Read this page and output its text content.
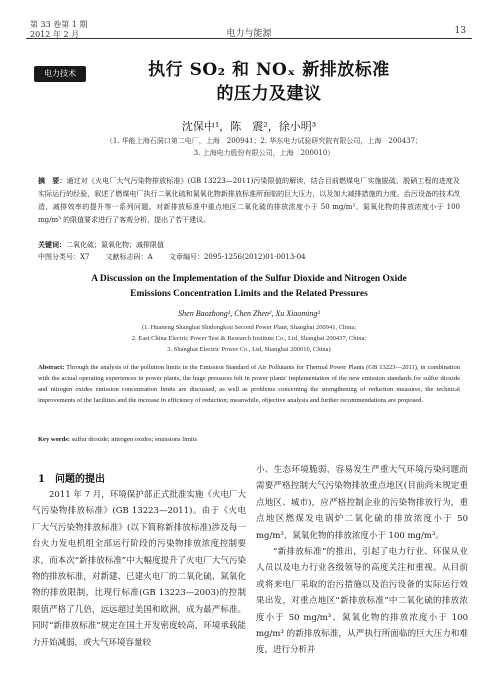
第 33 卷第 1 期
2012 年 2 月	电力与能源	13
电力技术	执行 SO₂ 和 NOₓ 新排放标准
的压力及建议
沈保中¹，陈　震²，徐小明³
（1. 华能上海石洞口第二电厂，上海　200941；2. 华东电力试验研究院有限公司，上海　200437；
3. 上海电力股份有限公司，上海　200010）
摘　要：通过对《火电厂大气污染物排放标准》(GB 13223—2011)污染限值的解读，结合目前燃煤电厂实施脱硫、脱硝工程的进度及实际运行的经验，叙述了燃煤电厂执行二氧化硫和氮氧化物新排放标准所面临的巨大压力，以及加大减排措施的力度、治污设备的技术改造、减排效率的提升等一系列问题。对新排放标准中重点地区二氧化硫的排放浓度小于 50 mg/m³、氮氧化物的排放浓度小于 100 mg/m³ 的限值要求进行了客观分析，提出了若干建议。
关键词：二氧化硫；氮氧化物；减排限值
中图分类号：X7 文献标志码：A 文章编号：2095-1256(2012)01-0013-04
A Discussion on the Implementation of the Sulfur Dioxide and Nitrogen Oxide
Emissions Concentration Limits and the Related Pressures
Shen Baozhong¹, Chen Zhen², Xu Xiaoming³
(1. Huaneng Shanghai Shidongkou Second Power Plant, Shanghai 200941, China;
2. East China Electric Power Test & Research Institute Co., Ltd, Shanghai 200437, China;
3. Shanghai Electric Power Co., Ltd, Shanghai 200010, China)
Abstract: Through the analysis of the pollution limits in the Emission Standard of Air Pollutants for Thermal Power Plants (GB 13223—2011), in combination with the actual operating experiences in power plants, the huge pressures felt in power plants' implementation of the new emission standards for sulfur dioxide and nitrogen oxides emission concentration limits are discussed, as well as problems concerning the strengthening of reduction measures, the technical improvements of the facilities and the increase in efficiency of reduction; meanwhile, objective analysis and further recommendations are proposed.
Key words: sulfur dioxide; nitrogen oxides; emissions limits
1　问题的提出
2011 年 7 月，环境保护部正式批准实施《火电厂大气污染物排放标准》(GB 13223—2011)。由于《火电厂大气污染物排放标准》(以下简称新排放标准)涉及每一台火力发电机组全部运行阶段的污染物排放浓度控制要求，而本次“新排放标准”中大幅度提升了火电厂大气污染物的排放标准，对新建、已建火电厂的二氧化硫、氮氧化物的排放限制，比现行标准(GB 13223—2003)的控制限值严格了几倍，远远超过美国和欧洲，成为最严标准。同时“新排放标准”规定在国土开发密度较高，环境承载能力开始减弱，或大气环境容量较

小、生态环境脆弱，容易发生严重大气环境污染问题而需要严格控制大气污染物排放重点地区(目前尚未规定重点地区、城市)，应严格控制企业的污染物排放行为，重点地区燃煤发电锅炉二氧化硫的排放浓度小于 50 mg/m³，氮氧化物的排放浓度小于 100 mg/m³。

“新排放标准”的推出，引起了电力行业、环保从业人员以及电力行业各级领导的高度关注和重视。从目前或将来电厂采取的治污措施以及治污设备的实际运行效果出发，对重点地区“新排放标准”中二氧化硫的排放浓度小于 50 mg/m³、氮氧化物的排放浓度小于 100 mg/m³ 的新排放标准，从严执行所面临的巨大压力和难度，进行分析并
